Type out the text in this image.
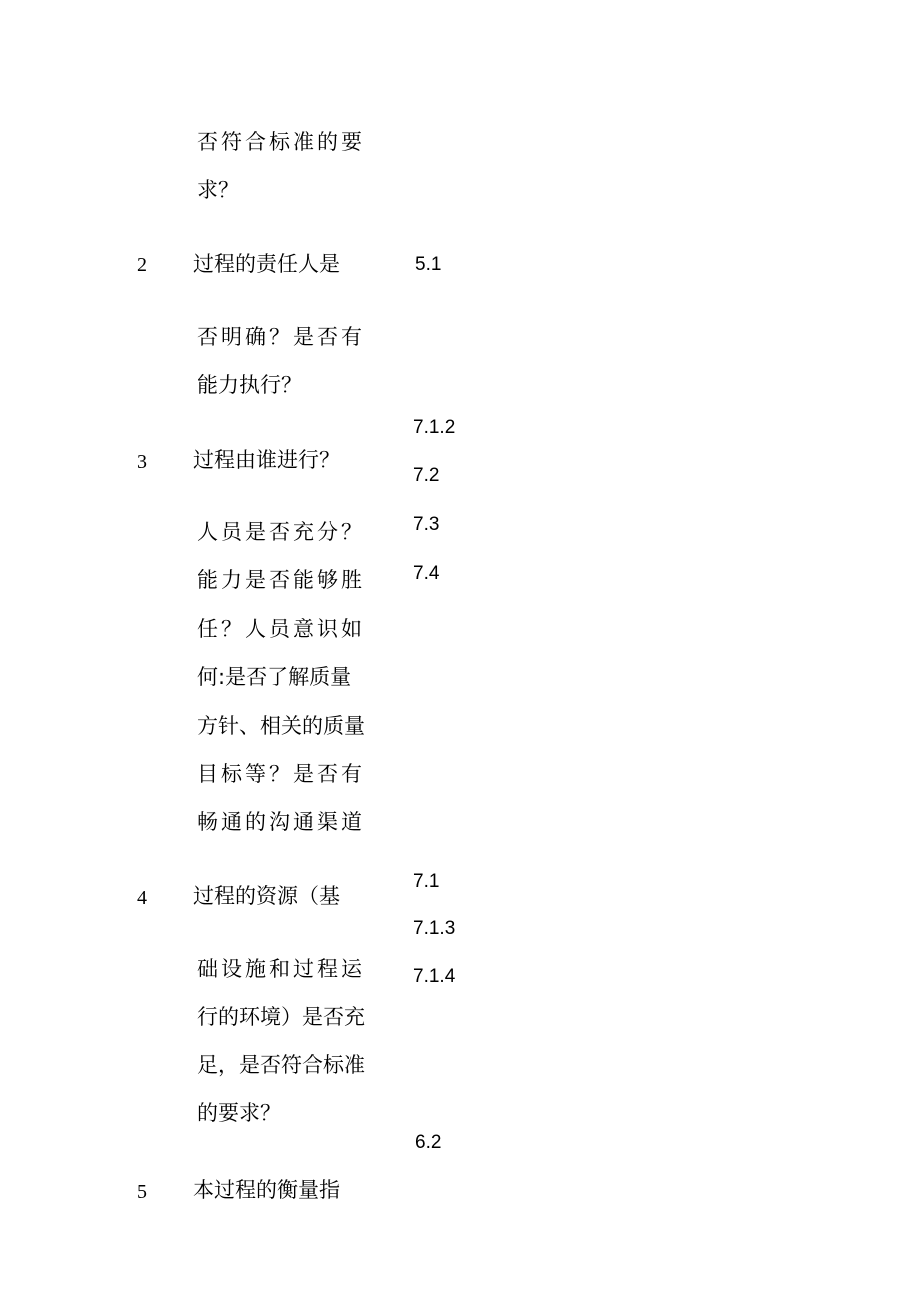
否符合标准的要
求？
2 过程的责任人是	5.1
否明确？是否有
能力执行？
7.1.2
3 过程由谁进行？
7.2
7.3
人员是否充分？
7.4
能力是否能够胜
任？人员意识如
何:是否了解质量
方针、相关的质量
目标等？是否有
畅通的沟通渠道
7.1
4 过程的资源（基
7.1.3
础设施和过程运	7.1.4
行的环境）是否充
足，是否符合标准
的要求？
6.2
5 本过程的衡量指
